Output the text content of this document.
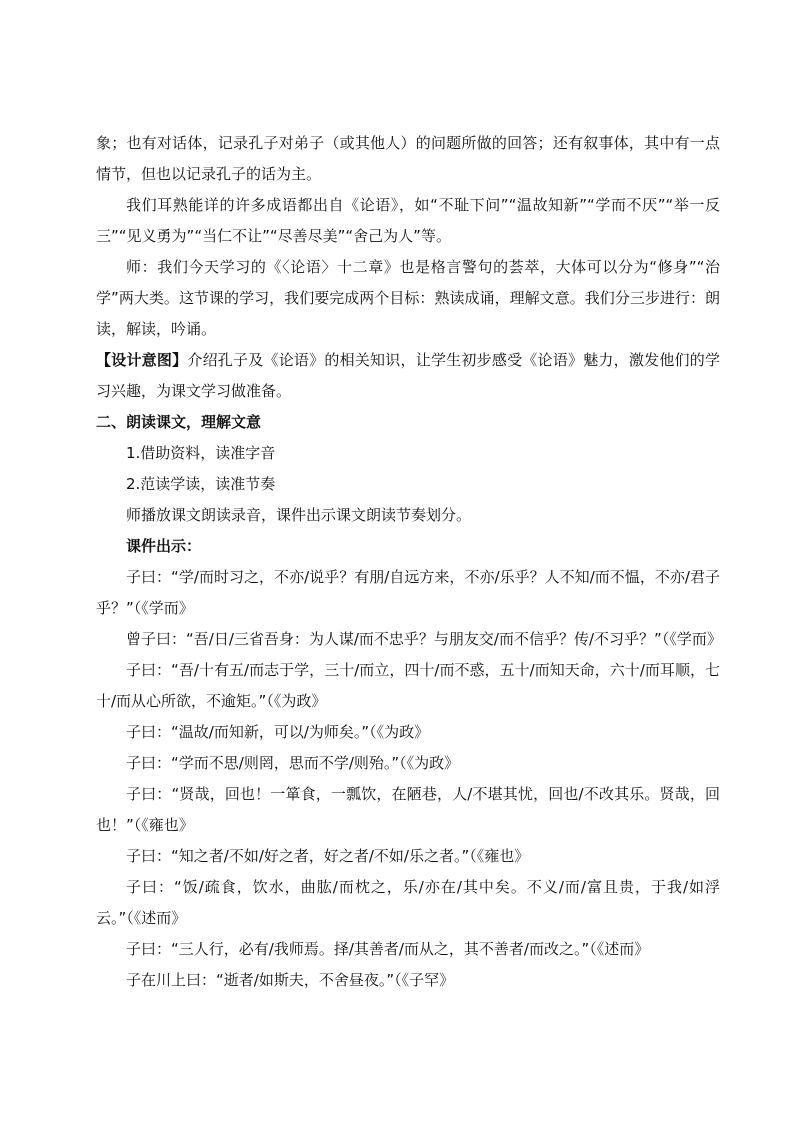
象；也有对话体，记录孔子对弟子（或其他人）的问题所做的回答；还有叙事体，其中有一点情节，但也以记录孔子的话为主。

我们耳熟能详的许多成语都出自《论语》，如“不耻下问”“温故知新”“学而不厌”“举一反三”“见义勇为”“当仁不让”“尽善尽美”“舍己为人”等。

师：我们今天学习的《〈论语〉十二章》也是格言警句的荟萃，大体可以分为“修身”“治学”两大类。这节课的学习，我们要完成两个目标：熟读成诵，理解文意。我们分三步进行：朗读，解读，吟诵。

【设计意图】介绍孔子及《论语》的相关知识，让学生初步感受《论语》魅力，激发他们的学习兴趣，为课文学习做准备。

二、朗读课文，理解文意

1.借助资料，读准字音

2.范读学读，读准节奏

师播放课文朗读录音，课件出示课文朗读节奏划分。

课件出示：

子曰：“学/而时习之，不亦/说乎？有朋/自远方来，不亦/乐乎？人不知/而不愠，不亦/君子乎？”（《学而》

曾子曰：“吾/日/三省吾身：为人谋/而不忠乎？与朋友交/而不信乎？传/不习乎？”（《学而》

子曰：“吾/十有五/而志于学，三十/而立，四十/而不惑，五十/而知天命，六十/而耳顺，七十/而从心所欲，不逾矩。”（《为政》

子曰：“温故/而知新，可以/为师矣。”（《为政》

子曰：“学而不思/则罔，思而不学/则殆。”（《为政》

子曰：“贤哉，回也！一箪食，一瓢饮，在陋巷，人/不堪其忧，回也/不改其乐。贤哉，回也！”（《雍也》

子曰：“知之者/不如/好之者，好之者/不如/乐之者。”（《雍也》

子曰：“饭/疏食，饮水，曲肱/而枕之，乐/亦在/其中矣。不义/而/富且贵，于我/如浮云。”（《述而》

子曰：“三人行，必有/我师焉。择/其善者/而从之，其不善者/而改之。”（《述而》

子在川上曰：“逝者/如斯夫，不舍昼夜。”（《子罕》
